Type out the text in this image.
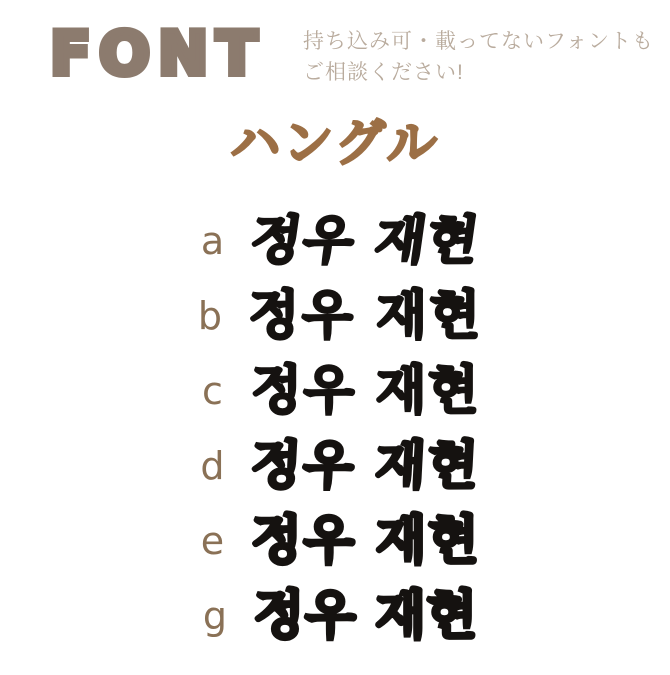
FONT 持ち込み可・載ってないフォントも
ご相談ください!
ハングル
a 정우 재현
b 정우 재현
c 정우 재현
d 정우 재현
e 정우 재현
g 정우 재현
